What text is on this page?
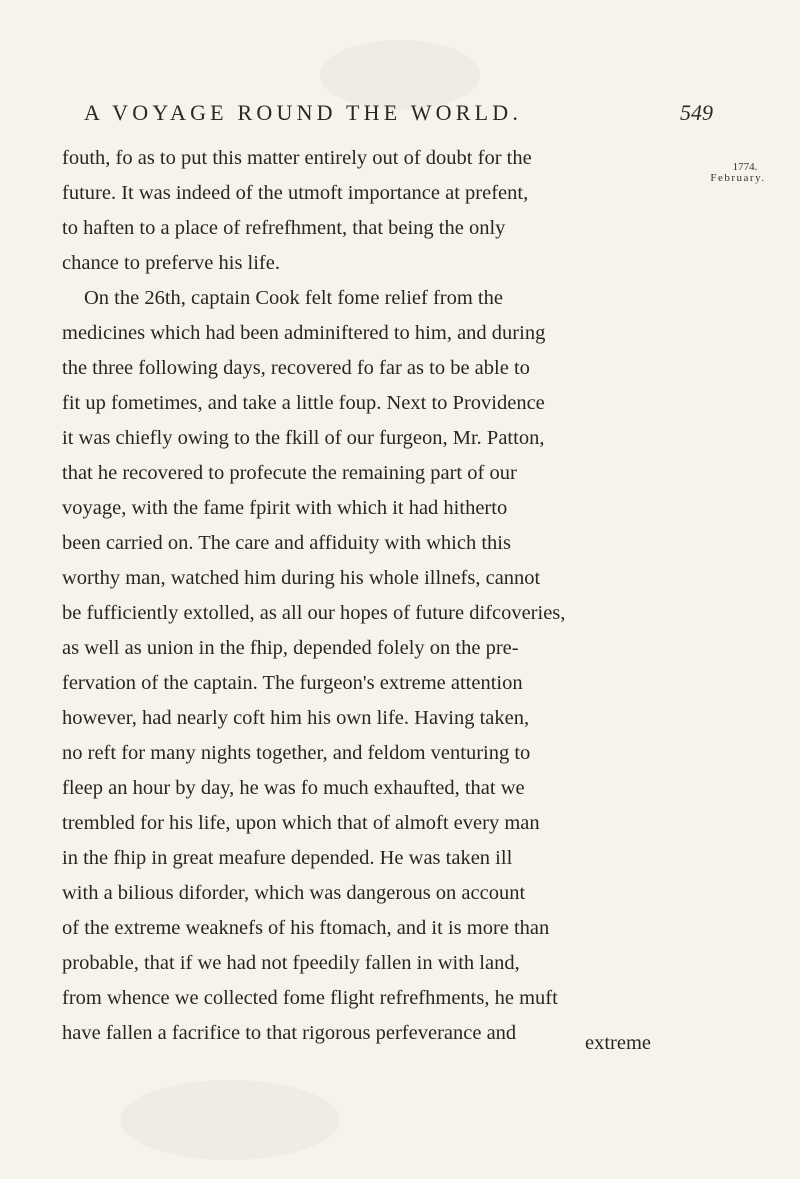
A VOYAGE ROUND THE WORLD.	549
1774.
February.
fouth, fo as to put this matter entirely out of doubt for the
future. It was indeed of the utmoft importance at prefent,
to haften to a place of refrefhment, that being the only
chance to preferve his life.
On the 26th, captain Cook felt fome relief from the
medicines which had been adminiftered to him, and during
the three following days, recovered fo far as to be able to
fit up fometimes, and take a little foup. Next to Providence
it was chiefly owing to the fkill of our furgeon, Mr. Patton,
that he recovered to profecute the remaining part of our
voyage, with the fame fpirit with which it had hitherto
been carried on. The care and affiduity with which this
worthy man, watched him during his whole illnefs, cannot
be fufficiently extolled, as all our hopes of future difcoveries,
as well as union in the fhip, depended folely on the pre-
fervation of the captain. The furgeon's extreme attention
however, had nearly coft him his own life. Having taken,
no reft for many nights together, and feldom venturing to
fleep an hour by day, he was fo much exhaufted, that we
trembled for his life, upon which that of almoft every man
in the fhip in great meafure depended. He was taken ill
with a bilious diforder, which was dangerous on account
of the extreme weaknefs of his ftomach, and it is more than
probable, that if we had not fpeedily fallen in with land,
from whence we collected fome flight refrefhments, he muft
have fallen a facrifice to that rigorous perfeverance and	extreme
